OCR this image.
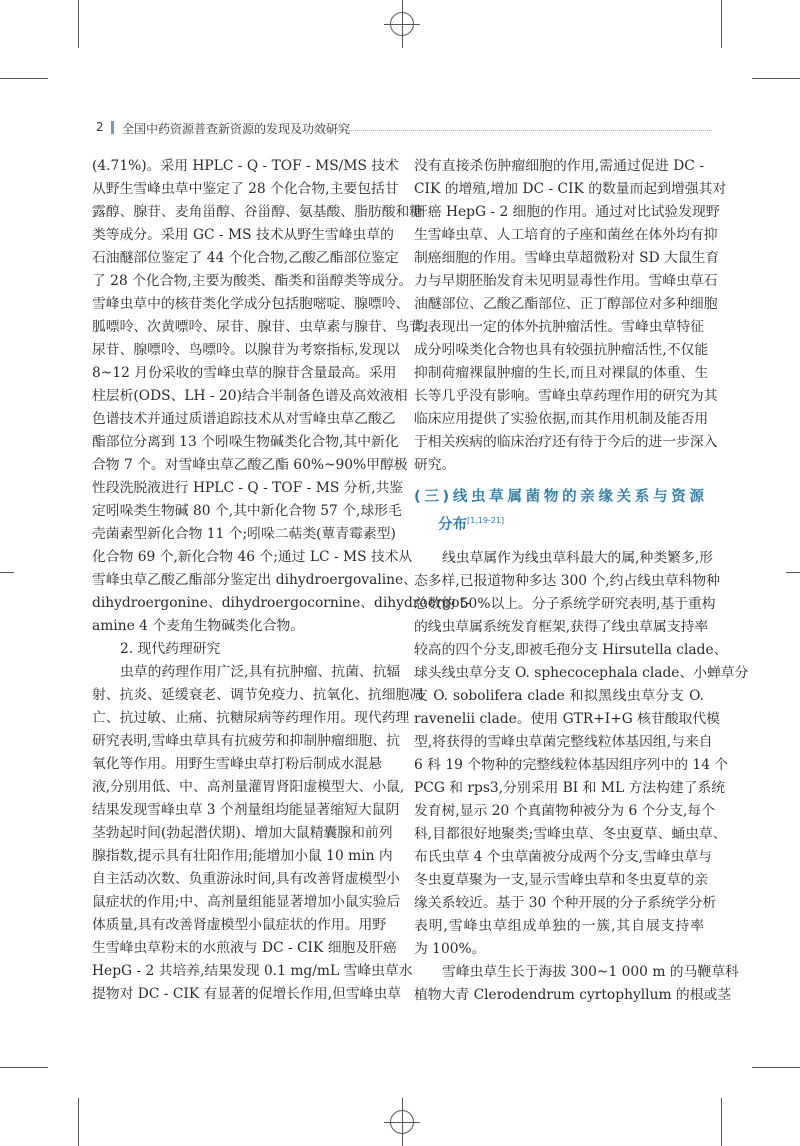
2 全国中药资源普查新资源的发现及功效研究
(4.71%)。采用 HPLC - Q - TOF - MS/MS 技术
从野生雪峰虫草中鉴定了 28 个化合物,主要包括甘
露醇、腺苷、麦角甾醇、谷甾醇、氨基酸、脂肪酸和糖
类等成分。采用 GC - MS 技术从野生雪峰虫草的
石油醚部位鉴定了 44 个化合物,乙酸乙酯部位鉴定
了 28 个化合物,主要为酸类、酯类和甾醇类等成分。
雪峰虫草中的核苷类化学成分包括胞嘧啶、腺嘌呤、
胍嘌呤、次黄嘌呤、尿苷、腺苷、虫草素与腺苷、鸟苷、
尿苷、腺嘌呤、鸟嘌呤。以腺苷为考察指标,发现以
8~12 月份采收的雪峰虫草的腺苷含量最高。采用
柱层析(ODS、LH - 20)结合半制备色谱及高效液相
色谱技术并通过质谱追踪技术从对雪峰虫草乙酸乙
酯部位分离到 13 个吲哚生物碱类化合物,其中新化
合物 7 个。对雪峰虫草乙酸乙酯 60%~90%甲醇极
性段洗脱液进行 HPLC - Q - TOF - MS 分析,共鉴
定吲哚类生物碱 80 个,其中新化合物 57 个,球形毛
壳菌素型新化合物 11 个;吲哚二萜类(蕈青霉素型)
化合物 69 个,新化合物 46 个;通过 LC - MS 技术从
雪峰虫草乙酸乙酯部分鉴定出 dihydroergovaline、
dihydroergonine、dihydroergocornine、dihydroergot-
amine 4 个麦角生物碱类化合物。
2. 现代药理研究
虫草的药理作用广泛,具有抗肿瘤、抗菌、抗辐
射、抗炎、延缓衰老、调节免疫力、抗氧化、抗细胞凋
亡、抗过敏、止痛、抗糖尿病等药理作用。现代药理
研究表明,雪峰虫草具有抗疲劳和抑制肿瘤细胞、抗
氧化等作用。用野生雪峰虫草打粉后制成水混悬
液,分别用低、中、高剂量灌胃肾阳虚模型大、小鼠,
结果发现雪峰虫草 3 个剂量组均能显著缩短大鼠阴
茎勃起时间(勃起潜伏期)、增加大鼠精囊腺和前列
腺指数,提示具有壮阳作用;能增加小鼠 10 min 内
自主活动次数、负重游泳时间,具有改善肾虚模型小
鼠症状的作用;中、高剂量组能显著增加小鼠实验后
体质量,具有改善肾虚模型小鼠症状的作用。用野
生雪峰虫草粉末的水煎液与 DC - CIK 细胞及肝癌
HepG - 2 共培养,结果发现 0.1 mg/mL 雪峰虫草水
提物对 DC - CIK 有显著的促增长作用,但雪峰虫草
没有直接杀伤肿瘤细胞的作用,需通过促进 DC -
CIK 的增殖,增加 DC - CIK 的数量而起到增强其对
肝癌 HepG - 2 细胞的作用。通过对比试验发现野
生雪峰虫草、人工培育的子座和菌丝在体外均有抑
制癌细胞的作用。雪峰虫草超微粉对 SD 大鼠生育
力与早期胚胎发育未见明显毒性作用。雪峰虫草石
油醚部位、乙酸乙酯部位、正丁醇部位对多种细胞
均表现出一定的体外抗肿瘤活性。雪峰虫草特征
成分吲哚类化合物也具有较强抗肿瘤活性,不仅能
抑制荷瘤裸鼠肿瘤的生长,而且对裸鼠的体重、生
长等几乎没有影响。雪峰虫草药理作用的研究为其
临床应用提供了实验依据,而其作用机制及能否用
于相关疾病的临床治疗还有待于今后的进一步深入
研究。
(三)线虫草属菌物的亲缘关系与资源
分布[1,19-21]
线虫草属作为线虫草科最大的属,种类繁多,形
态多样,已报道物种多达 300 个,约占线虫草科物种
总数的 50%以上。分子系统学研究表明,基于重构
的线虫草属系统发育框架,获得了线虫草属支持率
较高的四个分支,即被毛孢分支 Hirsutella clade、
球头线虫草分支 O. sphecocephala clade、小蝉草分
支 O. sobolifera clade 和拟黑线虫草分支 O.
ravenelii clade。使用 GTR+I+G 核苷酸取代模
型,将获得的雪峰虫草菌完整线粒体基因组,与来自
6 科 19 个物种的完整线粒体基因组序列中的 14 个
PCG 和 rps3,分别采用 BI 和 ML 方法构建了系统
发育树,显示 20 个真菌物种被分为 6 个分支,每个
科,目都很好地聚类;雪峰虫草、冬虫夏草、蛹虫草、
布氏虫草 4 个虫草菌被分成两个分支,雪峰虫草与
冬虫夏草聚为一支,显示雪峰虫草和冬虫夏草的亲
缘关系较近。基于 30 个种开展的分子系统学分析
表明,雪峰虫草组成单独的一簇,其自展支持率
为 100%。
雪峰虫草生长于海拔 300~1 000 m 的马鞭草科
植物大青 Clerodendrum cyrtophyllum 的根或茎
